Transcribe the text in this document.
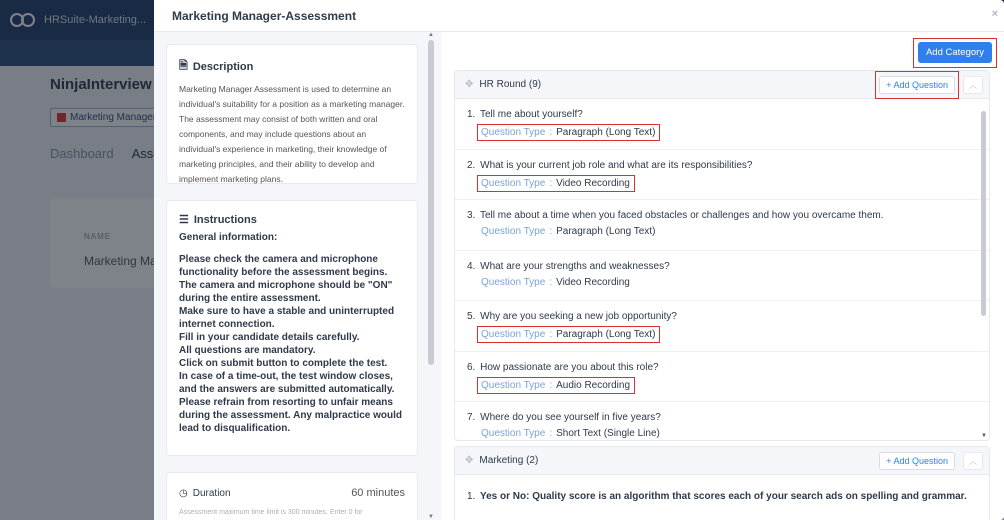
Marketing Manager-Assessment	×
🗎 Description
Marketing Manager Assessment is used to determine an individual's suitability for a position as a marketing manager. The assessment may consist of both written and oral components, and may include questions about an individual's experience in marketing, their knowledge of marketing principles, and their ability to develop and implement marketing plans.
☰ Instructions
General information:
Please check the camera and microphone functionality before the assessment begins. The camera and microphone should be "ON" during the entire assessment.
Make sure to have a stable and uninterrupted internet connection.
Fill in your candidate details carefully.
All questions are mandatory.
Click on submit button to complete the test.
In case of a time-out, the test window closes, and the answers are submitted automatically.
Please refrain from resorting to unfair means during the assessment. Any malpractice would lead to disqualification.
◷ Duration	60 minutes
Assessment maximum time limit is 300 minutes. Enter 0 for
▲
▼
Add Category
✥ HR Round (9)	+ Add Question	︿
1. Tell me about yourself?
Question Type : Paragraph (Long Text)
2. What is your current job role and what are its responsibilities?
Question Type : Video Recording
3. Tell me about a time when you faced obstacles or challenges and how you overcame them.
Question Type : Paragraph (Long Text)
4. What are your strengths and weaknesses?
Question Type : Video Recording
5. Why are you seeking a new job opportunity?
Question Type : Paragraph (Long Text)
6. How passionate are you about this role?
Question Type : Audio Recording
7. Where do you see yourself in five years?
Question Type : Short Text (Single Line)	▼
✥ Marketing (2)	+ Add Question	︿
1. Yes or No: Quality score is an algorithm that scores each of your search ads on spelling and grammar.
